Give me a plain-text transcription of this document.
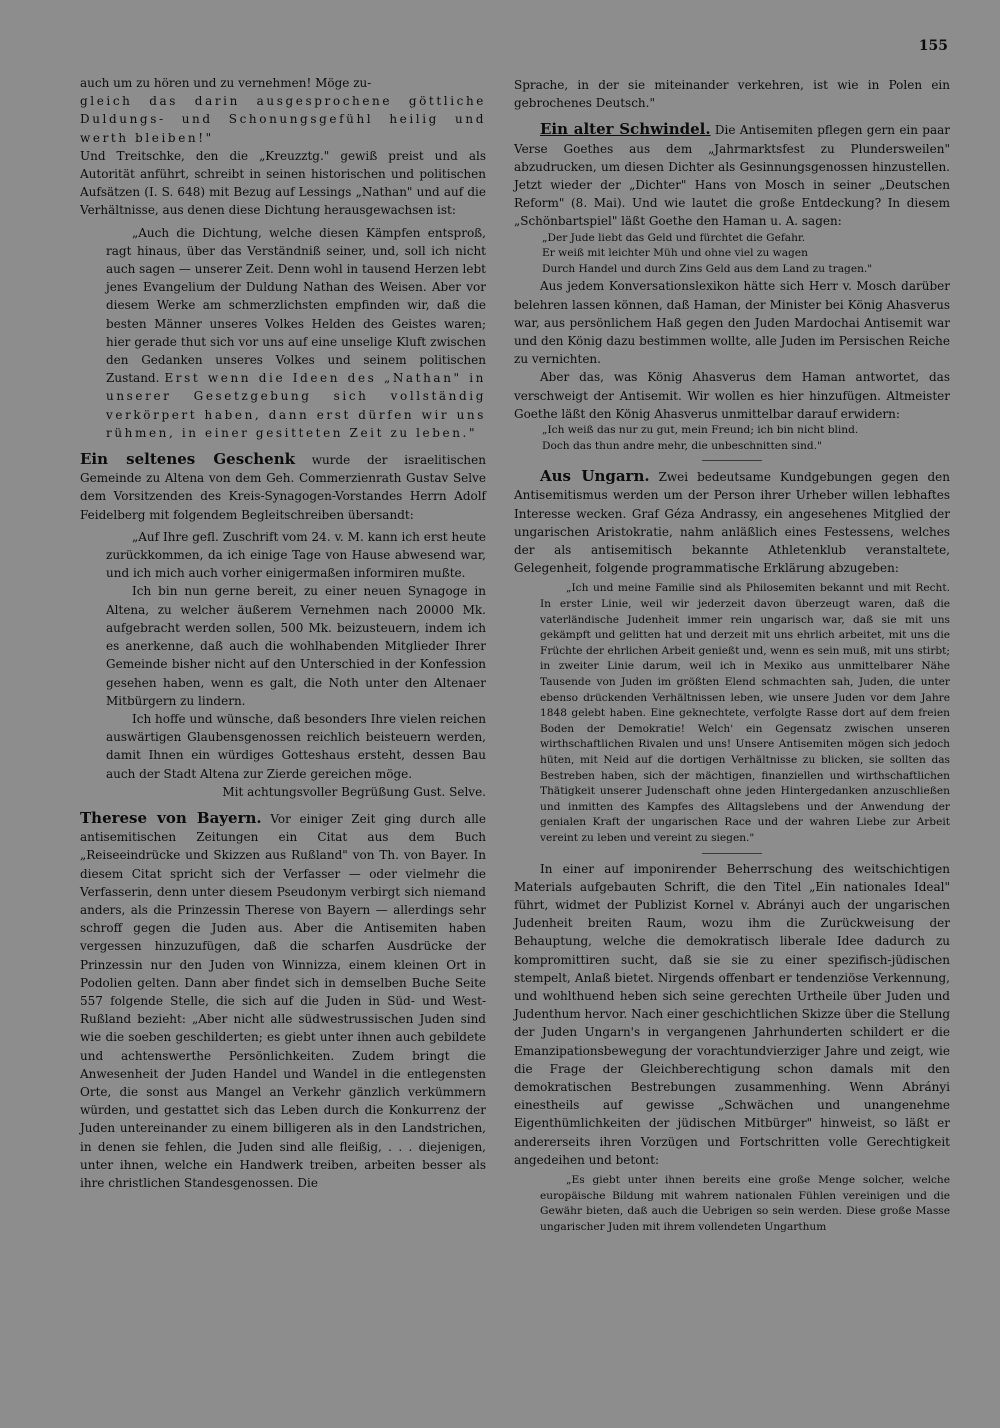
155

auch um zu hören und zu vernehmen! Möge zu-

gleich das darin ausgesprochene göttliche Duldungs- und Schonungsgefühl heilig und werth bleiben!"

Und Treitschke, den die „Kreuzztg." gewiß preist und als Autorität anführt, schreibt in seinen historischen und politischen Aufsätzen (I. S. 648) mit Bezug auf Lessings „Nathan" und auf die Verhältnisse, aus denen diese Dichtung herausgewachsen ist:

„Auch die Dichtung, welche diesen Kämpfen entsproß, ragt hinaus, über das Verständniß seiner, und, soll ich nicht auch sagen — unserer Zeit. Denn wohl in tausend Herzen lebt jenes Evangelium der Duldung Nathan des Weisen. Aber vor diesem Werke am schmerzlichsten empfinden wir, daß die besten Männer unseres Volkes Helden des Geistes waren; hier gerade thut sich vor uns auf eine unselige Kluft zwischen den Gedanken unseres Volkes und seinem politischen Zustand. Erst wenn die Ideen des „Nathan" in unserer Gesetzgebung sich vollständig verkörpert haben, dann erst dürfen wir uns rühmen, in einer gesitteten Zeit zu leben."

Ein seltenes Geschenk wurde der israelitischen Gemeinde zu Altena von dem Geh. Commerzienrath Gustav Selve dem Vorsitzenden des Kreis-Synagogen-Vorstandes Herrn Adolf Feidelberg mit folgendem Begleitschreiben übersandt:

„Auf Ihre gefl. Zuschrift vom 24. v. M. kann ich erst heute zurückkommen, da ich einige Tage von Hause abwesend war, und ich mich auch vorher einigermaßen informiren mußte.

Ich bin nun gerne bereit, zu einer neuen Synagoge in Altena, zu welcher äußerem Vernehmen nach 20000 Mk. aufgebracht werden sollen, 500 Mk. beizusteuern, indem ich es anerkenne, daß auch die wohlhabenden Mitglieder Ihrer Gemeinde bisher nicht auf den Unterschied in der Konfession gesehen haben, wenn es galt, die Noth unter den Altenaer Mitbürgern zu lindern.

Ich hoffe und wünsche, daß besonders Ihre vielen reichen auswärtigen Glaubensgenossen reichlich beisteuern werden, damit Ihnen ein würdiges Gotteshaus ersteht, dessen Bau auch der Stadt Altena zur Zierde gereichen möge.

Mit achtungsvoller Begrüßung Gust. Selve.

Therese von Bayern. Vor einiger Zeit ging durch alle antisemitischen Zeitungen ein Citat aus dem Buch „Reiseeindrücke und Skizzen aus Rußland" von Th. von Bayer. In diesem Citat spricht sich der Verfasser — oder vielmehr die Verfasserin, denn unter diesem Pseudonym verbirgt sich niemand anders, als die Prinzessin Therese von Bayern — allerdings sehr schroff gegen die Juden aus. Aber die Antisemiten haben vergessen hinzuzufügen, daß die scharfen Ausdrücke der Prinzessin nur den Juden von Winnizza, einem kleinen Ort in Podolien gelten. Dann aber findet sich in demselben Buche Seite 557 folgende Stelle, die sich auf die Juden in Süd- und West-Rußland bezieht: „Aber nicht alle südwestrussischen Juden sind wie die soeben geschilderten; es giebt unter ihnen auch gebildete und achtenswerthe Persönlichkeiten. Zudem bringt die Anwesenheit der Juden Handel und Wandel in die entlegensten Orte, die sonst aus Mangel an Verkehr gänzlich verkümmern würden, und gestattet sich das Leben durch die Konkurrenz der Juden untereinander zu einem billigeren als in den Landstrichen, in denen sie fehlen, die Juden sind alle fleißig, . . . diejenigen, unter ihnen, welche ein Handwerk treiben, arbeiten besser als ihre christlichen Standesgenossen. Die

Sprache, in der sie miteinander verkehren, ist wie in Polen ein gebrochenes Deutsch."

Ein alter Schwindel. Die Antisemiten pflegen gern ein paar Verse Goethes aus dem „Jahrmarktsfest zu Plundersweilen" abzudrucken, um diesen Dichter als Gesinnungsgenossen hinzustellen. Jetzt wieder der „Dichter" Hans von Mosch in seiner „Deutschen Reform" (8. Mai). Und wie lautet die große Entdeckung? In diesem „Schönbartspiel" läßt Goethe den Haman u. A. sagen:

„Der Jude liebt das Geld und fürchtet die Gefahr.
Er weiß mit leichter Müh und ohne viel zu wagen
Durch Handel und durch Zins Geld aus dem Land zu tragen."

Aus jedem Konversationslexikon hätte sich Herr v. Mosch darüber belehren lassen können, daß Haman, der Minister bei König Ahasverus war, aus persönlichem Haß gegen den Juden Mardochai Antisemit war und den König dazu bestimmen wollte, alle Juden im Persischen Reiche zu vernichten.

Aber das, was König Ahasverus dem Haman antwortet, das verschweigt der Antisemit. Wir wollen es hier hinzufügen. Altmeister Goethe läßt den König Ahasverus unmittelbar darauf erwidern:

„Ich weiß das nur zu gut, mein Freund; ich bin nicht blind.
Doch das thun andre mehr, die unbeschnitten sind."

Aus Ungarn. Zwei bedeutsame Kundgebungen gegen den Antisemitismus werden um der Person ihrer Urheber willen lebhaftes Interesse wecken. Graf Géza Andrassy, ein angesehenes Mitglied der ungarischen Aristokratie, nahm anläßlich eines Festessens, welches der als antisemitisch bekannte Athletenklub veranstaltete, Gelegenheit, folgende programmatische Erklärung abzugeben:

„Ich und meine Familie sind als Philosemiten bekannt und mit Recht. In erster Linie, weil wir jederzeit davon überzeugt waren, daß die vaterländische Judenheit immer rein ungarisch war, daß sie mit uns gekämpft und gelitten hat und derzeit mit uns ehrlich arbeitet, mit uns die Früchte der ehrlichen Arbeit genießt und, wenn es sein muß, mit uns stirbt; in zweiter Linie darum, weil ich in Mexiko aus unmittelbarer Nähe Tausende von Juden im größten Elend schmachten sah, Juden, die unter ebenso drückenden Verhältnissen leben, wie unsere Juden vor dem Jahre 1848 gelebt haben. Eine geknechtete, verfolgte Rasse dort auf dem freien Boden der Demokratie! Welch' ein Gegensatz zwischen unseren wirthschaftlichen Rivalen und uns! Unsere Antisemiten mögen sich jedoch hüten, mit Neid auf die dortigen Verhältnisse zu blicken, sie sollten das Bestreben haben, sich der mächtigen, finanziellen und wirthschaftlichen Thätigkeit unserer Judenschaft ohne jeden Hintergedanken anzuschließen und inmitten des Kampfes des Alltagslebens und der Anwendung der genialen Kraft der ungarischen Race und der wahren Liebe zur Arbeit vereint zu leben und vereint zu siegen."

In einer auf imponirender Beherrschung des weitschichtigen Materials aufgebauten Schrift, die den Titel „Ein nationales Ideal" führt, widmet der Publizist Kornel v. Abrányi auch der ungarischen Judenheit breiten Raum, wozu ihm die Zurückweisung der Behauptung, welche die demokratisch liberale Idee dadurch zu kompromittiren sucht, daß sie sie zu einer spezifisch-jüdischen stempelt, Anlaß bietet. Nirgends offenbart er tendenziöse Verkennung, und wohlthuend heben sich seine gerechten Urtheile über Juden und Judenthum hervor. Nach einer geschichtlichen Skizze über die Stellung der Juden Ungarn's in vergangenen Jahrhunderten schildert er die Emanzipationsbewegung der vorachtundvierziger Jahre und zeigt, wie die Frage der Gleichberechtigung schon damals mit den demokratischen Bestrebungen zusammenhing. Wenn Abrányi einestheils auf gewisse „Schwächen und unangenehme Eigenthümlichkeiten der jüdischen Mitbürger" hinweist, so läßt er andererseits ihren Vorzügen und Fortschritten volle Gerechtigkeit angedeihen und betont:

„Es giebt unter ihnen bereits eine große Menge solcher, welche europäische Bildung mit wahrem nationalen Fühlen vereinigen und die Gewähr bieten, daß auch die Uebrigen so sein werden. Diese große Masse ungarischer Juden mit ihrem vollendeten Ungarthum
